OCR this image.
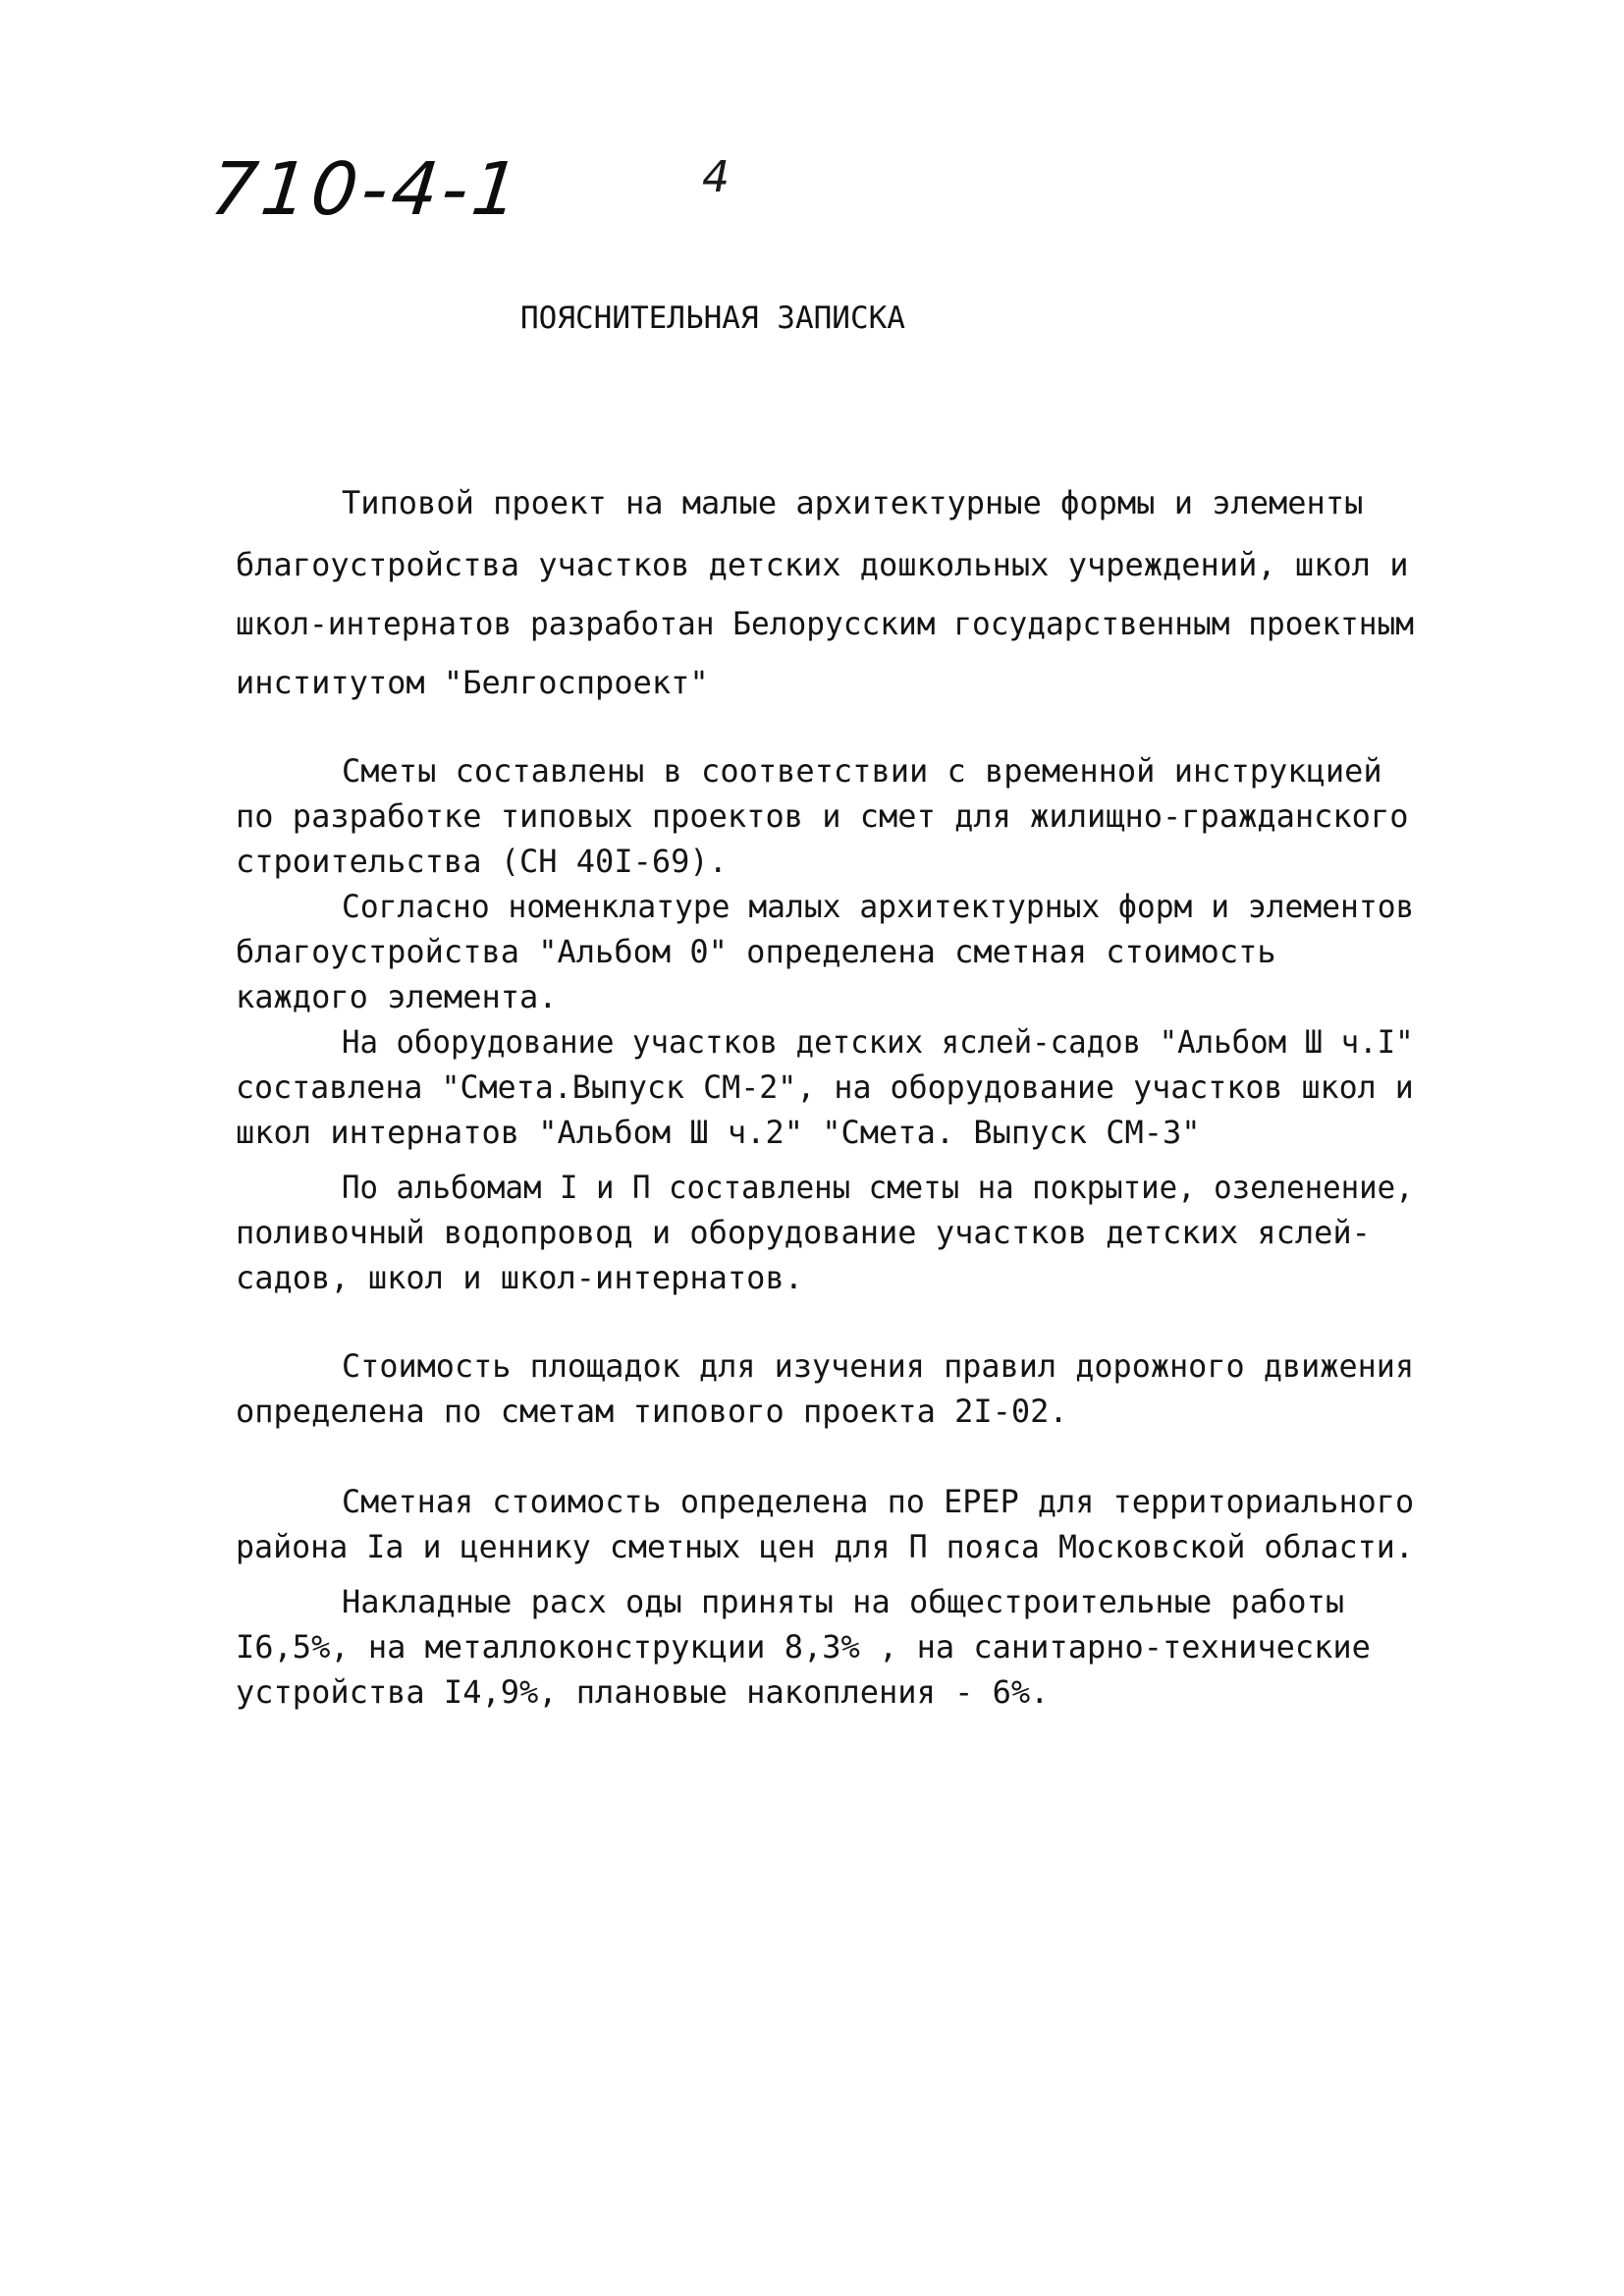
710-4-1	4
ПОЯСНИТЕЛЬНАЯ ЗАПИСКА
Типовой проект на малые архитектурные формы и элементы
благоустройства участков детских дошкольных учреждений, школ и
школ-интернатов разработан Белорусским государственным проектным
институтом "Белгоспроект"
Сметы составлены в соответствии с временной инструкцией
по разработке типовых проектов и смет для жилищно-гражданского
строительства (СН 40I-69).
Согласно номенклатуре малых архитектурных форм и элементов
благоустройства "Альбом 0" определена сметная стоимость
каждого элемента.
На оборудование участков детских яслей-садов "Альбом Ш ч.I"
составлена "Смета.Выпуск СМ-2", на оборудование участков школ и
школ интернатов "Альбом Ш ч.2" "Смета. Выпуск СМ-3"
По альбомам I и П составлены сметы на покрытие, озеленение,
поливочный водопровод и оборудование участков детских яслей-
садов, школ и школ-интернатов.
Стоимость площадок для изучения правил дорожного движения
определена по сметам типового проекта 2I-02.
Сметная стоимость определена по ЕРЕР для территориального
района Iа и ценнику сметных цен для П пояса Московской области.
Накладные расх оды приняты на общестроительные работы
I6,5%, на металлоконструкции 8,3% , на санитарно-технические
устройства I4,9%, плановые накопления - 6%.
